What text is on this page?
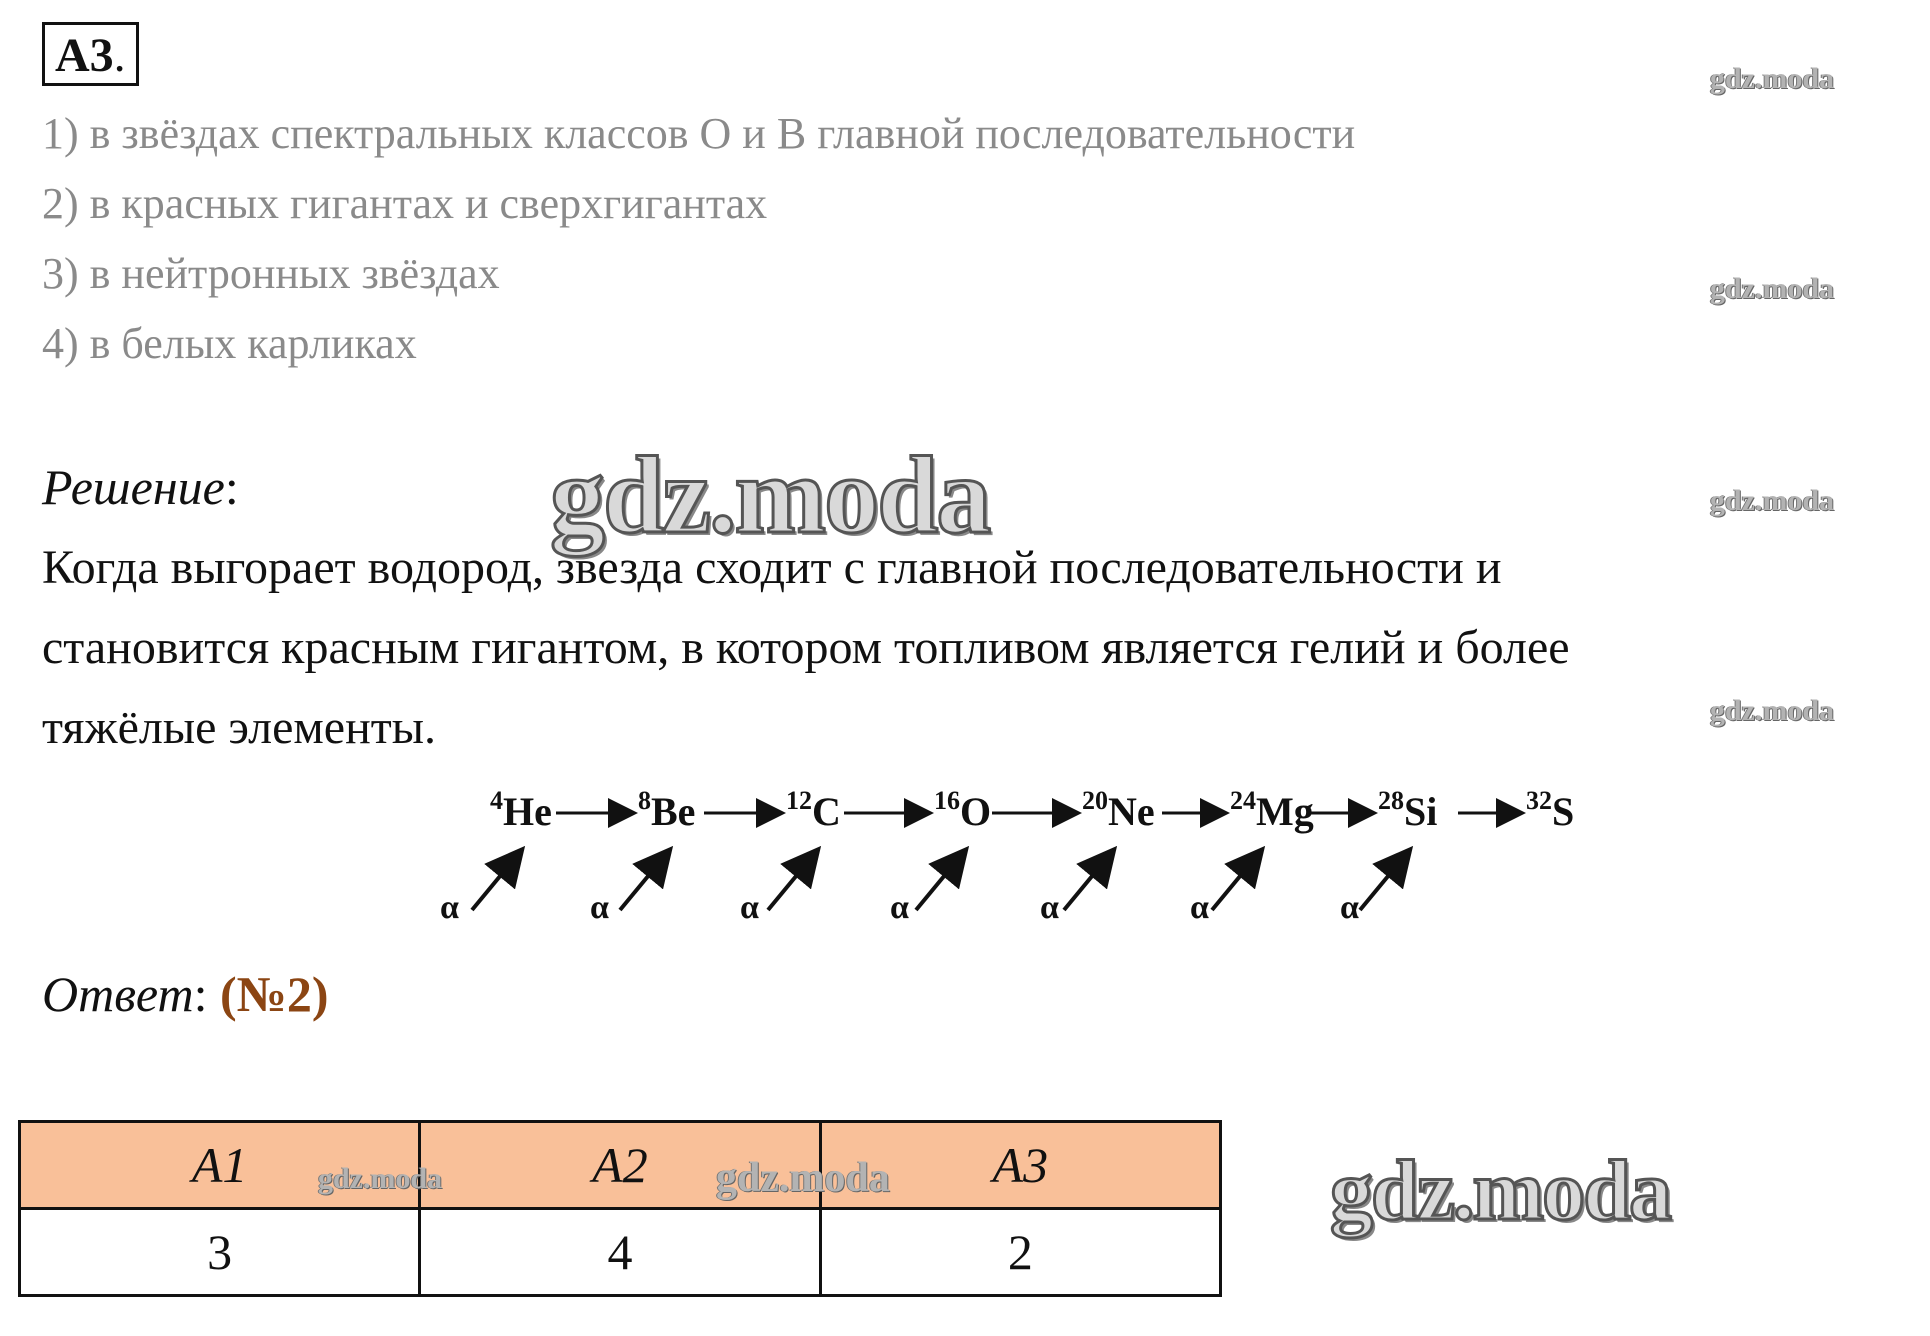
А3.
1) в звёздах спектральных классов О и В главной последовательности
2) в красных гигантах и сверхгигантах
3) в нейтронных звёздах
4) в белых карликах
gdz.moda
gdz.moda
gdz.moda
gdz.moda
Решение:	gdz.moda
Когда выгорает водород, звезда сходит с главной последовательности и
становится красным гигантом, в котором топливом является гелий и более
тяжёлые элементы.
$^4$He
α
$^8$Be
α
$^{12}$C
α
$^{16}$O
α
$^{20}$Ne
α
$^{24}$Mg
α
$^{28}$Si
α
$^{32}$S
Ответ: (№2)
А1	А2	А3
3	4	2
gdz.moda	gdz.moda	gdz.moda
